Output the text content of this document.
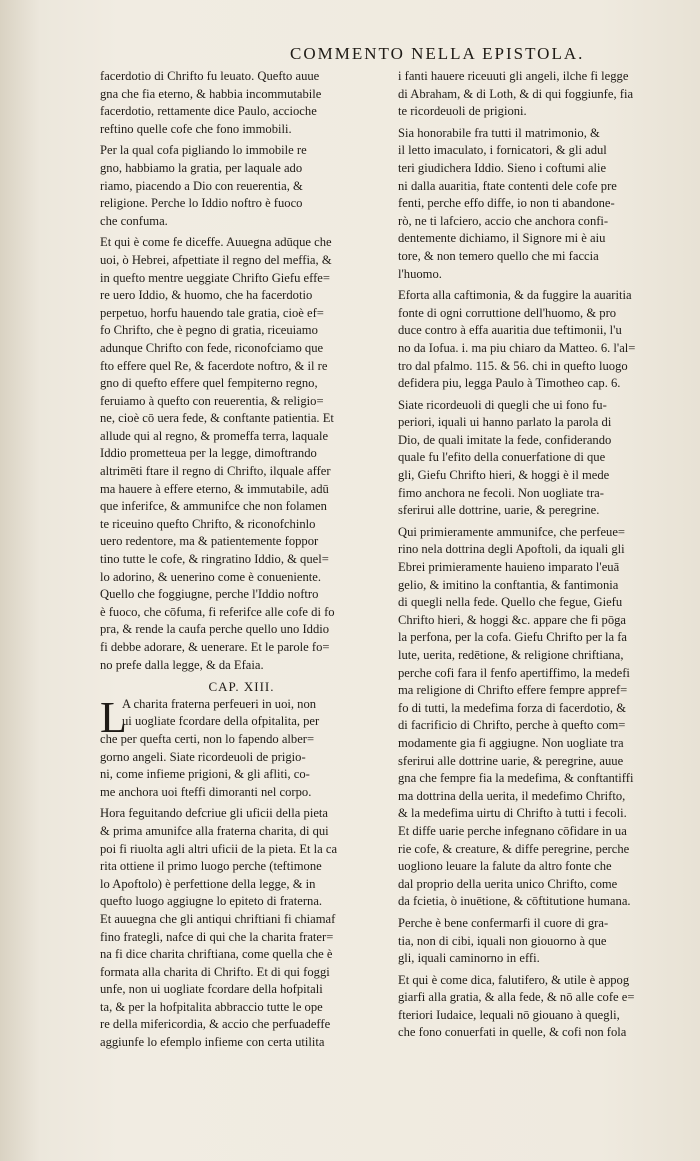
COMMENTO NELLA EPISTOLA.
facerdotio di Chrifto fu leuato. Quefto auue
gna che fia eterno, & habbia incommutabile
facerdotio, rettamente dice Paulo, accioche
reftino quelle cofe che fono immobili.
Per la qual cofa pigliando lo immobile re
gno, habbiamo la gratia, per laquale ado
riamo, piacendo a Dio con reuerentia, &
religione. Perche lo Iddio noftro è fuoco
che confuma.
Et qui è come fe diceffe. Auuegna adūque che
uoi, ò Hebrei, afpettiate il regno del meffia, &
in quefto mentre ueggiate Chrifto Giefu effe=
re uero Iddio, & huomo, che ha facerdotio
perpetuo, horfu hauendo tale gratia, cioè ef=
fo Chrifto, che è pegno di gratia, riceuiamo
adunque Chrifto con fede, riconofciamo que
fto effere quel Re, & facerdote noftro, & il re
gno di quefto effere quel fempiterno regno,
feruiamo à quefto con reuerentia, & religio=
ne, cioè cō uera fede, & conftante patientia. Et
allude qui al regno, & promeffa terra, laquale
Iddio prometteua per la legge, dimoftrando
altrimēti ftare il regno di Chrifto, ilquale affer
ma hauere à effere eterno, & immutabile, adū
que inferifce, & ammunifce che non folamen
te riceuino quefto Chrifto, & riconofchinlo
uero redentore, ma & patientemente foppor
tino tutte le cofe, & ringratino Iddio, & quel=
lo adorino, & uenerino come è conueniente.
Quello che foggiugne, perche l'Iddio noftro
è fuoco, che cōfuma, fi referifce alle cofe di fo
pra, & rende la caufa perche quello uno Iddio
fi debbe adorare, & uenerare. Et le parole fo=
no prefe dalla legge, & da Efaia.

CAP. XIII.

L
A charita fraterna perfeueri in uoi, non
ui uogliate fcordare della ofpitalita, per
che per quefta certi, non lo fapendo alber=
gorno angeli. Siate ricordeuoli de prigio-
ni, come infieme prigioni, & gli afliti, co-
me anchora uoi fteffi dimoranti nel corpo.
Hora feguitando defcriue gli uficii della pieta
& prima amunifce alla fraterna charita, di qui
poi fi riuolta agli altri uficii de la pieta. Et la ca
rita ottiene il primo luogo perche (teftimone
lo Apoftolo) è perfettione della legge, & in
quefto luogo aggiugne lo epiteto di fraterna.
Et auuegna che gli antiqui chriftiani fi chiamaf
fino frategli, nafce di qui che la charita frater=
na fi dice charita chriftiana, come quella che è
formata alla charita di Chrifto. Et di qui foggi
unfe, non ui uogliate fcordare della hofpitali
ta, & per la hofpitalita abbraccio tutte le ope
re della mifericordia, & accio che perfuadeffe
aggiunfe lo efemplo infieme con certa utilita
i fanti hauere riceuuti gli angeli, ilche fi legge
di Abraham, & di Loth, & di qui foggiunfe, fia
te ricordeuoli de prigioni.
Sia honorabile fra tutti il matrimonio, &
il letto imaculato, i fornicatori, & gli adul
teri giudichera Iddio. Sieno i coftumi alie
ni dalla auaritia, ftate contenti dele cofe pre
fenti, perche effo diffe, io non ti abandone-
rò, ne ti lafciero, accio che anchora confi-
dentemente dichiamo, il Signore mi è aiu
tore, & non temero quello che mi faccia
l'huomo.
Eforta alla caftimonia, & da fuggire la auaritia
fonte di ogni corruttione dell'huomo, & pro
duce contro à effa auaritia due teftimonii, l'u
no da Iofua. i. ma piu chiaro da Matteo. 6. l'al=
tro dal pfalmo. 115. & 56. chi in quefto luogo
defidera piu, legga Paulo à Timotheo cap. 6.
Siate ricordeuoli di quegli che ui fono fu-
periori, iquali ui hanno parlato la parola di
Dio, de quali imitate la fede, confiderando
quale fu l'efito della conuerfatione di que
gli, Giefu Chrifto hieri, & hoggi è il mede
fimo anchora ne fecoli. Non uogliate tra-
sferirui alle dottrine, uarie, & peregrine.
Qui primieramente ammunifce, che perfeue=
rino nela dottrina degli Apoftoli, da iquali gli
Ebrei primieramente hauieno imparato l'euā
gelio, & imitino la conftantia, & fantimonia
di quegli nella fede. Quello che fegue, Giefu
Chrifto hieri, & hoggi &c. appare che fi pōga
la perfona, per la cofa. Giefu Chrifto per la fa
lute, uerita, redētione, & religione chriftiana,
perche cofi fara il fenfo apertiffimo, la medefi
ma religione di Chrifto effere fempre appref=
fo di tutti, la medefima forza di facerdotio, &
di facrificio di Chrifto, perche à quefto com=
modamente gia fi aggiugne. Non uogliate tra
sferirui alle dottrine uarie, & peregrine, auue
gna che fempre fia la medefima, & conftantiffi
ma dottrina della uerita, il medefimo Chrifto,
& la medefima uirtu di Chrifto à tutti i fecoli.
Et diffe uarie perche infegnano cōfidare in ua
rie cofe, & creature, & diffe peregrine, perche
uogliono leuare la falute da altro fonte che
dal proprio della uerita unico Chrifto, come
da fcietia, ò inuētione, & cōftitutione humana.
Perche è bene confermarfi il cuore di gra-
tia, non di cibi, iquali non giouorno à que
gli, iquali caminorno in effi.
Et qui è come dica, falutifero, & utile è appog
giarfi alla gratia, & alla fede, & nō alle cofe e=
fteriori Iudaice, lequali nō giouano à quegli,
che fono conuerfati in quelle, & cofi non fola
